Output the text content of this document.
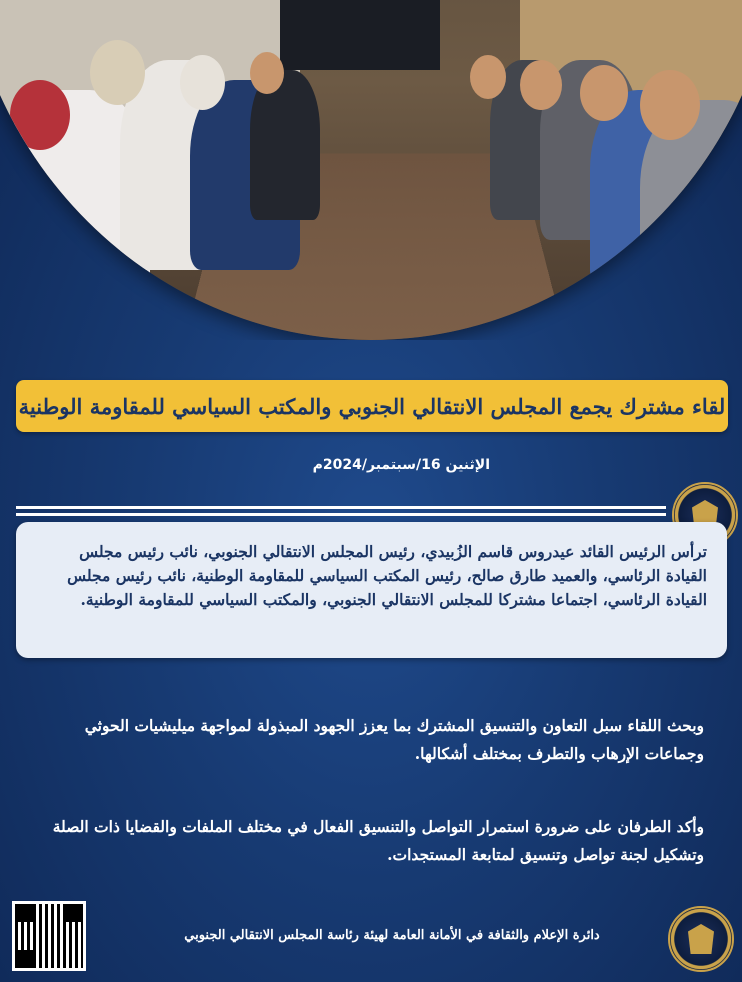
لقاء مشترك يجمع المجلس الانتقالي الجنوبي والمكتب السياسي للمقاومة الوطنية
الإثنين 16/سبتمبر/2024م

ترأس الرئيس القائد عيدروس قاسم الزُبيدي، رئيس المجلس الانتقالي الجنوبي، نائب رئيس مجلس القيادة الرئاسي، والعميد طارق صالح، رئيس المكتب السياسي للمقاومة الوطنية، نائب رئيس مجلس القيادة الرئاسي، اجتماعا مشتركا للمجلس الانتقالي الجنوبي، والمكتب السياسي للمقاومة الوطنية.

وبحث اللقاء سبل التعاون والتنسيق المشترك بما يعزز الجهود المبذولة لمواجهة ميليشيات الحوثي وجماعات الإرهاب والتطرف بمختلف أشكالها.

وأكد الطرفان على ضرورة استمرار التواصل والتنسيق الفعال في مختلف الملفات والقضايا ذات الصلة وتشكيل لجنة تواصل وتنسيق لمتابعة المستجدات.

دائرة الإعلام والثقافة في الأمانة العامة لهيئة رئاسة المجلس الانتقالي الجنوبي
